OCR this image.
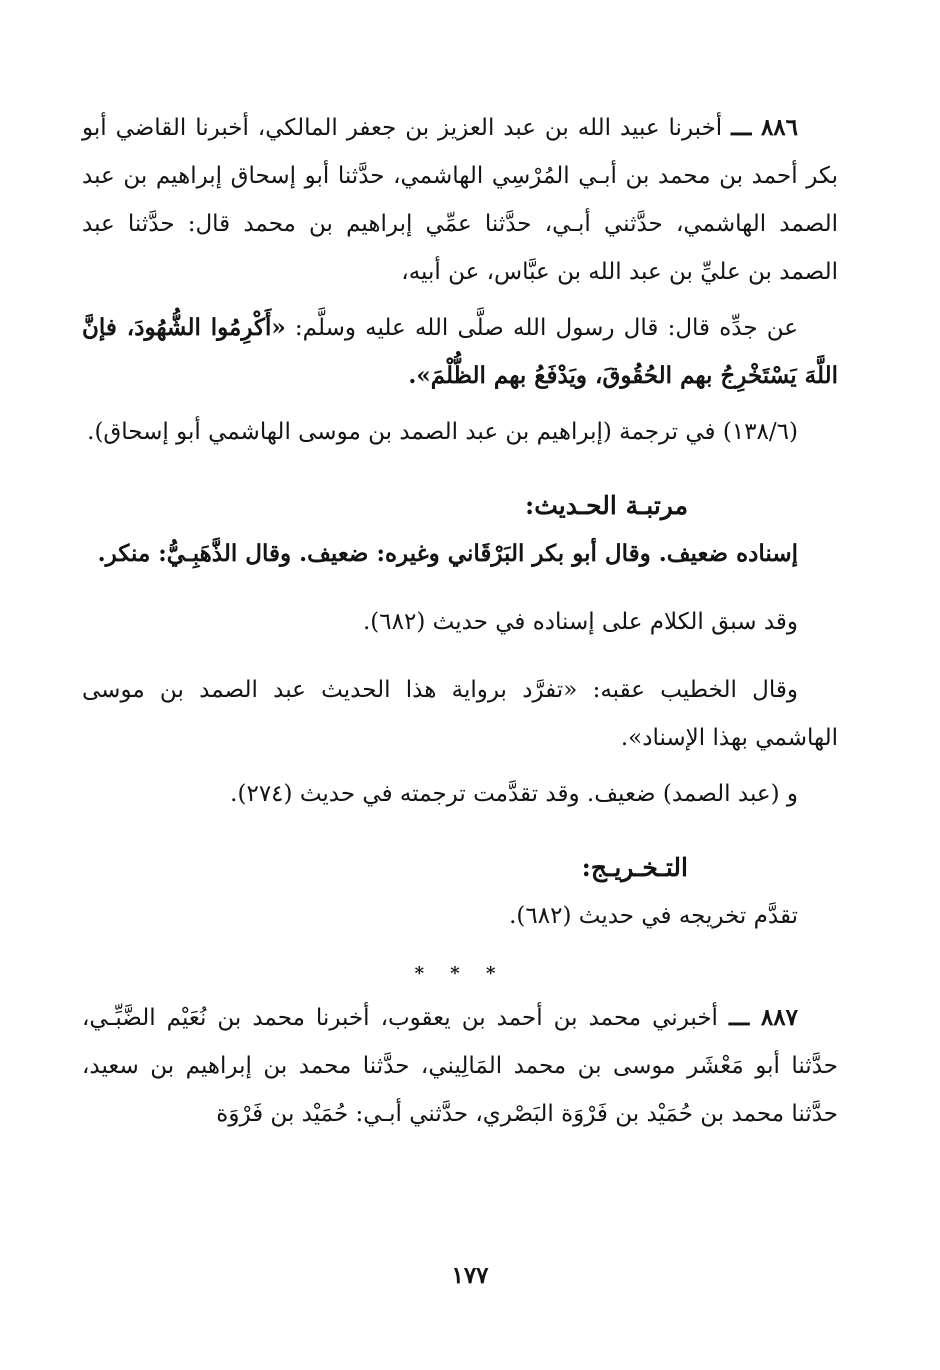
٨٨٦ ـــ أخبرنا عبيد الله بن عبد العزيز بن جعفر المالكي، أخبرنا القاضي أبو بكر أحمد بن محمد بن أبـي المُرْسِي الهاشمي، حدَّثنا أبو إسحاق إبراهيم بن عبد الصمد الهاشمي، حدَّثني أبـي، حدَّثنا عمِّي إبراهيم بن محمد قال: حدَّثنا عبد الصمد بن عليِّ بن عبد الله بن عبَّاس، عن أبيه،

عن جدِّه قال: قال رسول الله صلَّى الله عليه وسلَّم: «أَكْرِمُوا الشُّهُودَ، فإنَّ اللَّهَ يَسْتَخْرِجُ بهم الحُقُوقَ، ويَدْفَعُ بهم الظُّلْمَ».

(١٣٨/٦) في ترجمة (إبراهيم بن عبد الصمد بن موسى الهاشمي أبو إسحاق).

مرتبـة الحـديث:

إسناده ضعيف. وقال أبو بكر البَرْقَاني وغيره: ضعيف. وقال الذَّهَبِـيُّ: منكر.

وقد سبق الكلام على إسناده في حديث (٦٨٢).

وقال الخطيب عقبه: «تفرَّد برواية هذا الحديث عبد الصمد بن موسى الهاشمي بهذا الإسناد».

و (عبد الصمد) ضعيف. وقد تقدَّمت ترجمته في حديث (٢٧٤).

التـخـريـج:

تقدَّم تخريجه في حديث (٦٨٢).

* * *

٨٨٧ ـــ أخبرني محمد بن أحمد بن يعقوب، أخبرنا محمد بن نُعَيْم الضَّبِّـي، حدَّثنا أبو مَعْشَر موسى بن محمد المَالِيني، حدَّثنا محمد بن إبراهيم بن سعيد، حدَّثنا محمد بن حُمَيْد بن فَرْوَة البَصْري، حدَّثني أبـي: حُمَيْد بن فَرْوَة

١٧٧
